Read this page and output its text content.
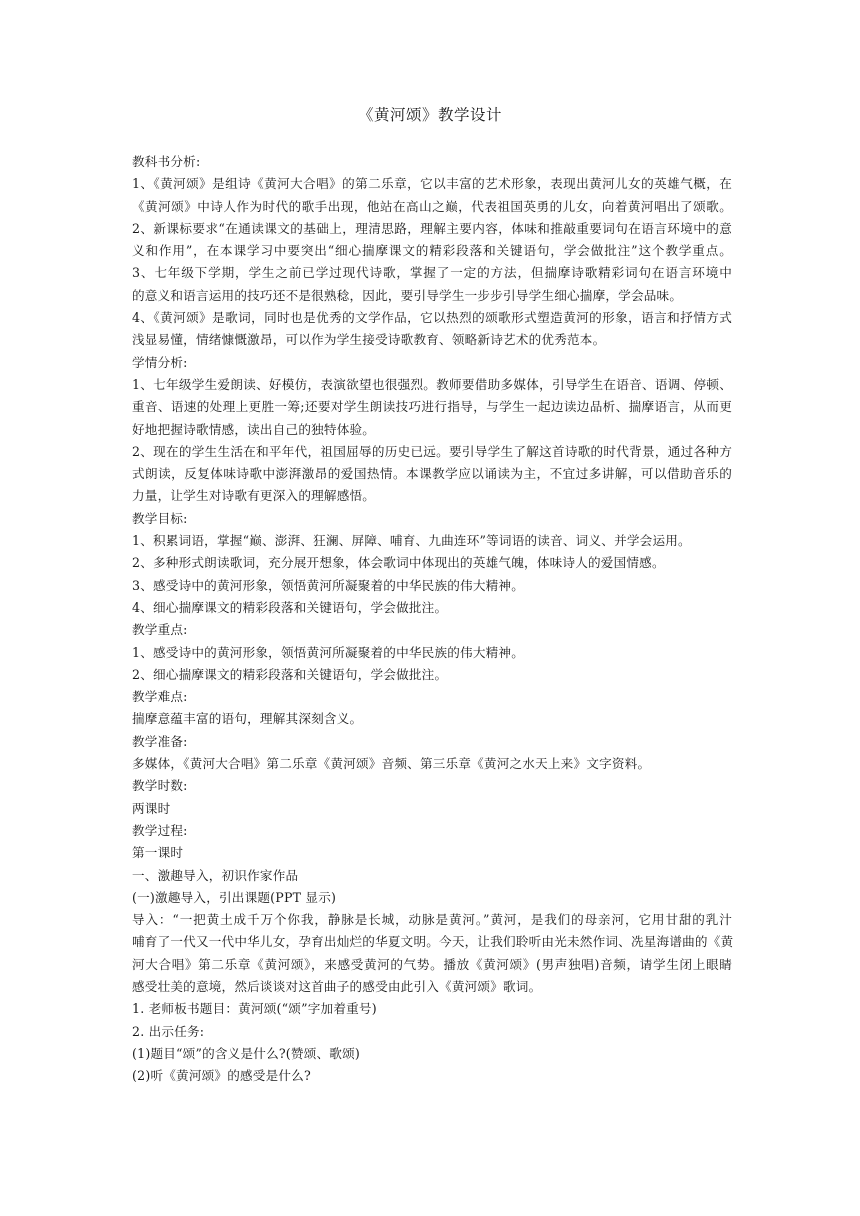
《黄河颂》教学设计
教科书分析:
1、《黄河颂》是组诗《黄河大合唱》的第二乐章，它以丰富的艺术形象，表现出黄河儿女的英雄气概，在
《黄河颂》中诗人作为时代的歌手出现，他站在高山之巅，代表祖国英勇的儿女，向着黄河唱出了颂歌。
2、新课标要求“在通读课文的基础上，理清思路，理解主要内容，体味和推敲重要词句在语言环境中的意
义和作用”，在本课学习中要突出“细心揣摩课文的精彩段落和关键语句，学会做批注”这个教学重点。
3、七年级下学期，学生之前已学过现代诗歌，掌握了一定的方法，但揣摩诗歌精彩词句在语言环境中
的意义和语言运用的技巧还不是很熟稔，因此，要引导学生一步步引导学生细心揣摩，学会品味。
4、《黄河颂》是歌词，同时也是优秀的文学作品，它以热烈的颂歌形式塑造黄河的形象，语言和抒情方式
浅显易懂，情绪慷慨激昂，可以作为学生接受诗歌教育、领略新诗艺术的优秀范本。
学情分析:
1、七年级学生爱朗读、好模仿，表演欲望也很强烈。教师要借助多媒体，引导学生在语音、语调、停顿、
重音、语速的处理上更胜一筹;还要对学生朗读技巧进行指导，与学生一起边读边品析、揣摩语言，从而更
好地把握诗歌情感，读出自己的独特体验。
2、现在的学生生活在和平年代，祖国屈辱的历史已远。要引导学生了解这首诗歌的时代背景，通过各种方
式朗读，反复体味诗歌中澎湃激昂的爱国热情。本课教学应以诵读为主，不宜过多讲解，可以借助音乐的
力量，让学生对诗歌有更深入的理解感悟。
教学目标:
1、积累词语，掌握“巅、澎湃、狂澜、屏障、哺育、九曲连环”等词语的读音、词义、并学会运用。
2、多种形式朗读歌词，充分展开想象，体会歌词中体现出的英雄气魄，体味诗人的爱国情感。
3、感受诗中的黄河形象，领悟黄河所凝聚着的中华民族的伟大精神。
4、细心揣摩课文的精彩段落和关键语句，学会做批注。
教学重点:
1、感受诗中的黄河形象，领悟黄河所凝聚着的中华民族的伟大精神。
2、细心揣摩课文的精彩段落和关键语句，学会做批注。
教学难点:
揣摩意蕴丰富的语句，理解其深刻含义。
教学准备:
多媒体，《黄河大合唱》第二乐章《黄河颂》音频、第三乐章《黄河之水天上来》文字资料。
教学时数:
两课时
教学过程:
第一课时
一、激趣导入，初识作家作品
(一)激趣导入，引出课题(PPT 显示)
导入：“一把黄土成千万个你我，静脉是长城，动脉是黄河。”黄河，是我们的母亲河，它用甘甜的乳汁
哺育了一代又一代中华儿女，孕育出灿烂的华夏文明。今天，让我们聆听由光未然作词、冼星海谱曲的《黄
河大合唱》第二乐章《黄河颂》，来感受黄河的气势。播放《黄河颂》(男声独唱)音频，请学生闭上眼睛
感受壮美的意境，然后谈谈对这首曲子的感受由此引入《黄河颂》歌词。
1. 老师板书题目：黄河颂(“颂”字加着重号)
2. 出示任务:
(1)题目“颂”的含义是什么?(赞颂、歌颂)
(2)听《黄河颂》的感受是什么?
